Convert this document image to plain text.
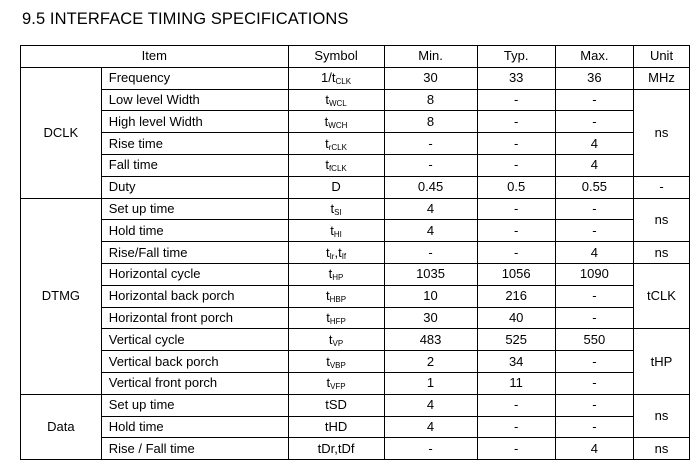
9.5 INTERFACE TIMING SPECIFICATIONS
Item		Symbol	Min.	Typ.	Max.	Unit
DCLK	Frequency	$1/t_{CLK}$	30	33	36	MHz
	Low level Width	$t_{WCL}$	8	-	-	ns
	High level Width	$t_{WCH}$	8	-	-	
	Rise time	$t_{rCLK}$	-	-	4	
	Fall time	$t_{fCLK}$	-	-	4	
	Duty	D	0.45	0.5	0.55	-
DTMG	Set up time	$t_{SI}$	4	-	-	ns
	Hold time	$t_{HI}$	4	-	-	
	Rise/Fall time	$t_{Ir},t_{If}$	-	-	4	ns
	Horizontal cycle	$t_{HP}$	1035	1056	1090	tCLK
	Horizontal back porch	$t_{HBP}$	10	216	-	
	Horizontal front porch	$t_{HFP}$	30	40	-	
	Vertical cycle	$t_{VP}$	483	525	550	tHP
	Vertical back porch	$t_{VBP}$	2	34	-	
	Vertical front porch	$t_{VFP}$	1	11	-	
Data	Set up time	tSD	4	-	-	ns
	Hold time	tHD	4	-	-	
	Rise / Fall time	tDr,tDf	-	-	4	ns
